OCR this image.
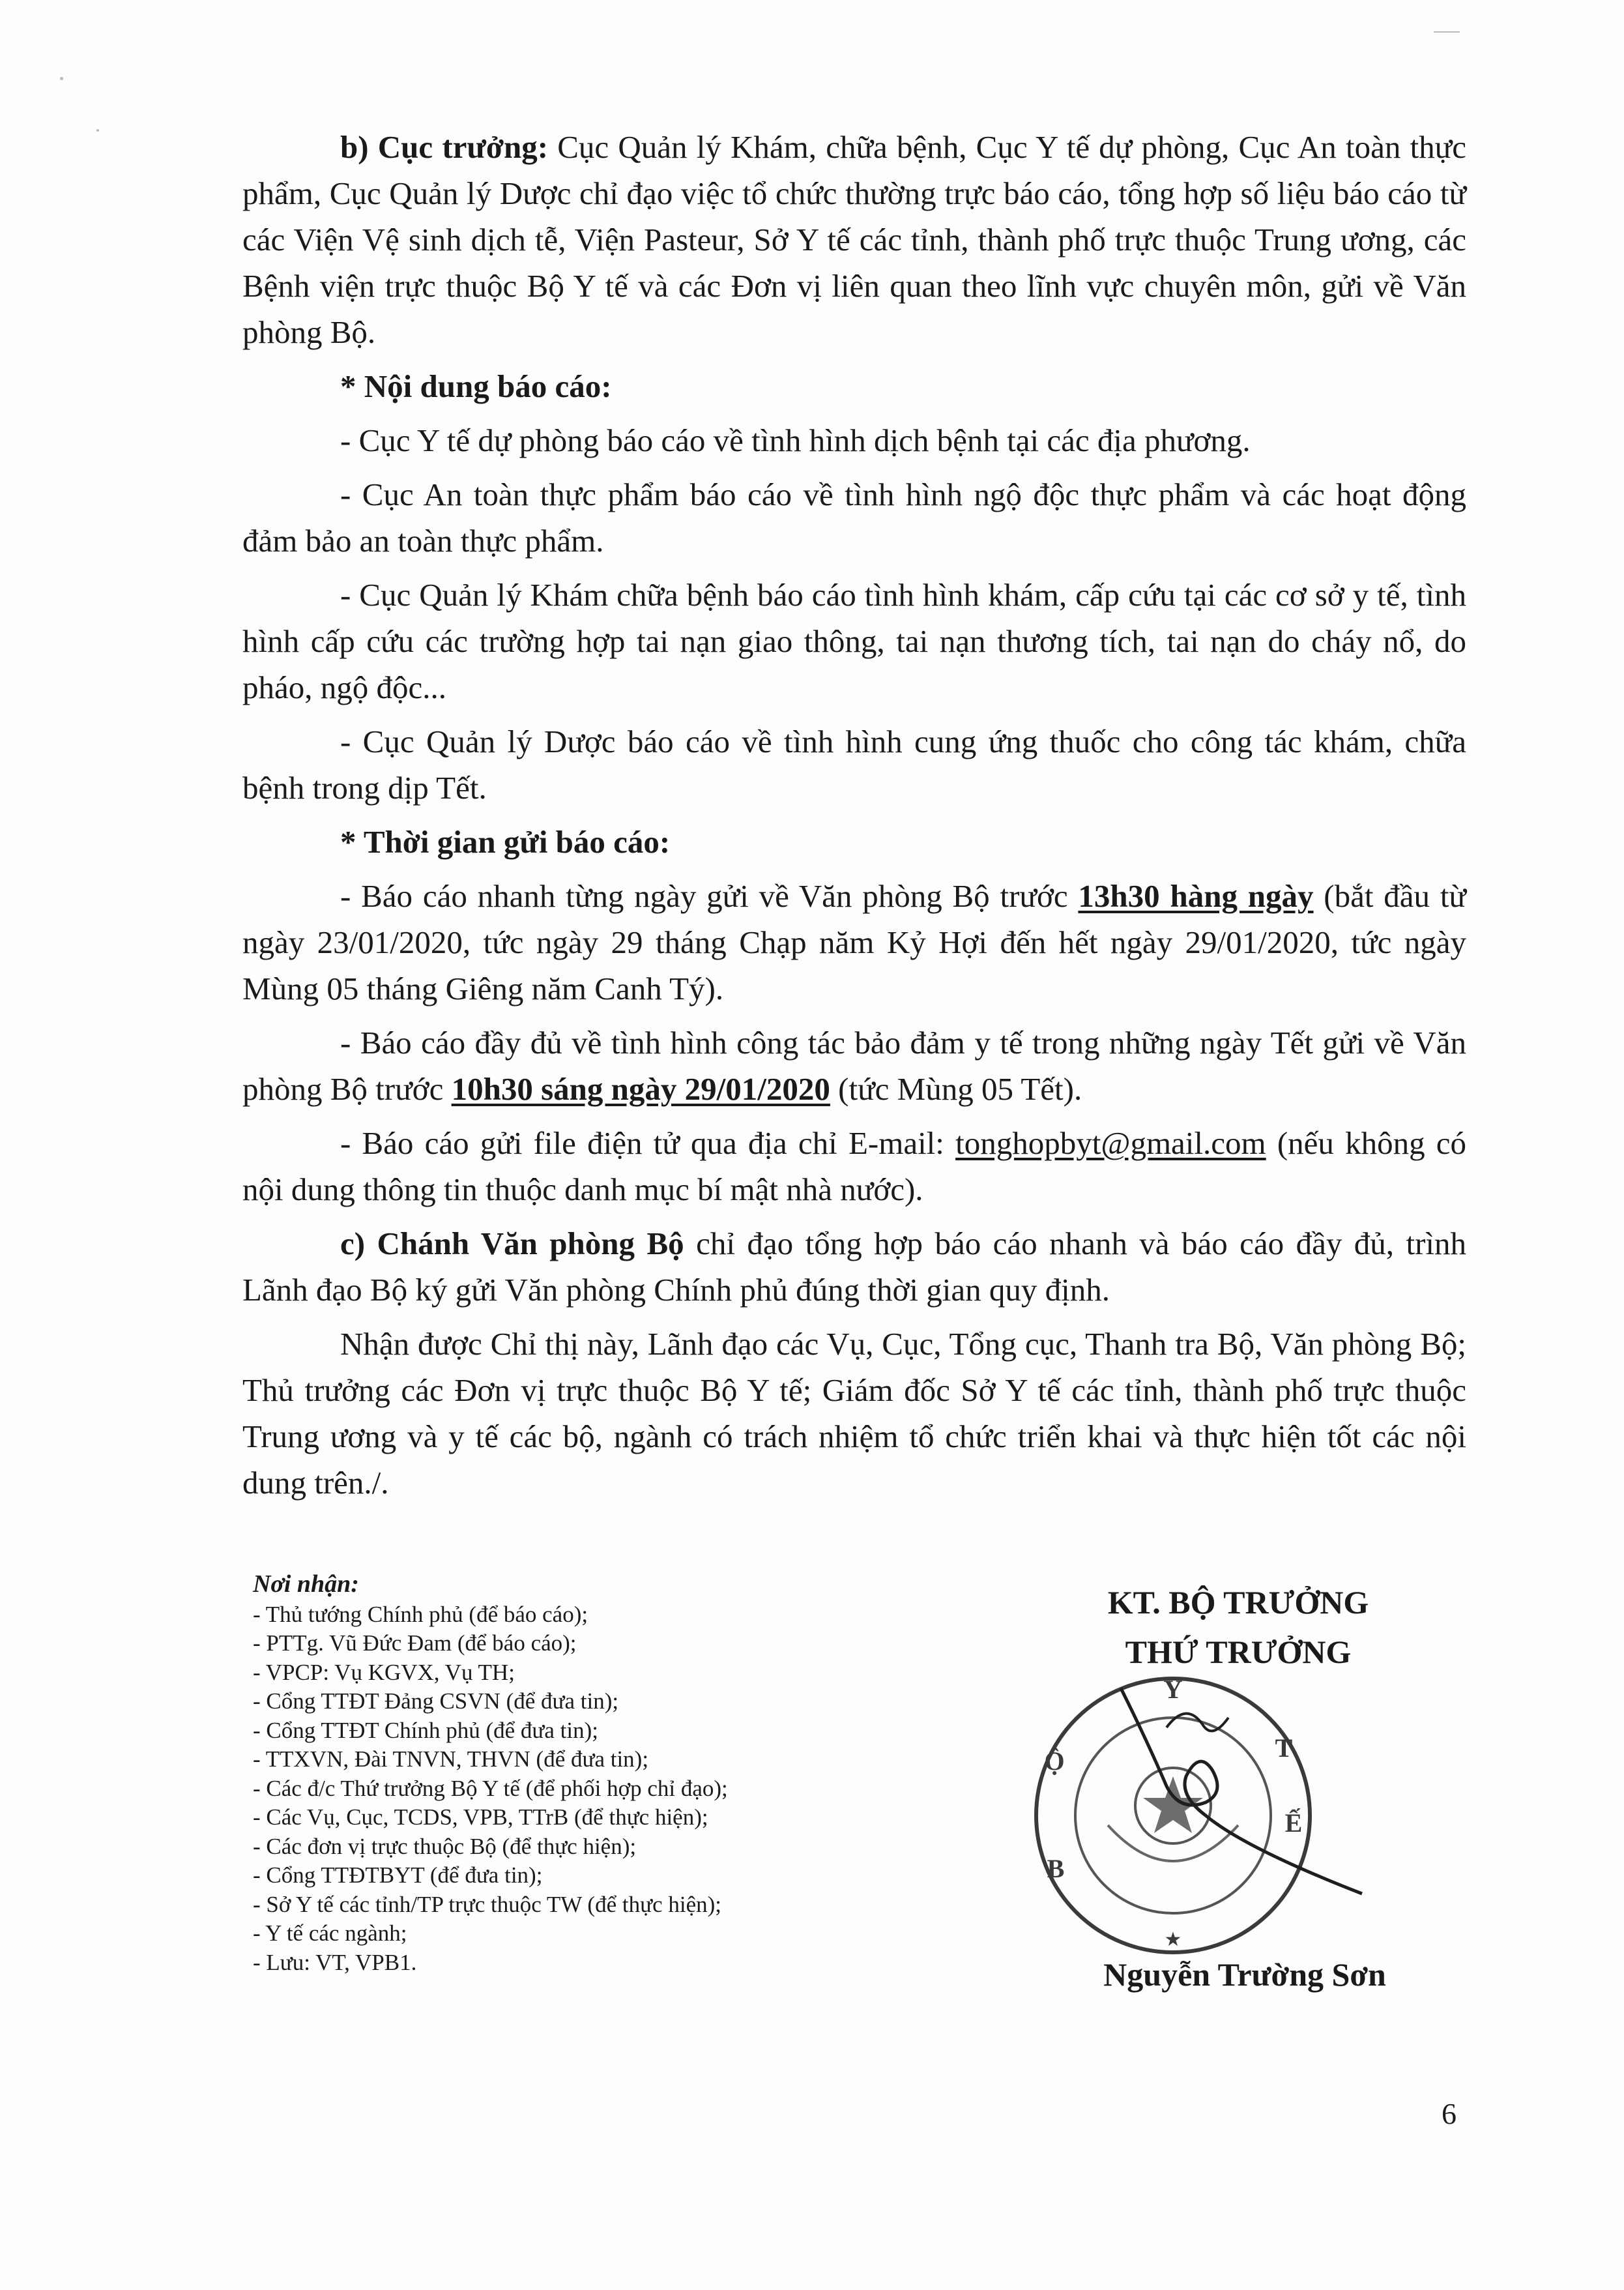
b) Cục trưởng: Cục Quản lý Khám, chữa bệnh, Cục Y tế dự phòng, Cục An toàn thực phẩm, Cục Quản lý Dược chỉ đạo việc tổ chức thường trực báo cáo, tổng hợp số liệu báo cáo từ các Viện Vệ sinh dịch tễ, Viện Pasteur, Sở Y tế các tỉnh, thành phố trực thuộc Trung ương, các Bệnh viện trực thuộc Bộ Y tế và các Đơn vị liên quan theo lĩnh vực chuyên môn, gửi về Văn phòng Bộ.

* Nội dung báo cáo:

- Cục Y tế dự phòng báo cáo về tình hình dịch bệnh tại các địa phương.

- Cục An toàn thực phẩm báo cáo về tình hình ngộ độc thực phẩm và các hoạt động đảm bảo an toàn thực phẩm.

- Cục Quản lý Khám chữa bệnh báo cáo tình hình khám, cấp cứu tại các cơ sở y tế, tình hình cấp cứu các trường hợp tai nạn giao thông, tai nạn thương tích, tai nạn do cháy nổ, do pháo, ngộ độc...

- Cục Quản lý Dược báo cáo về tình hình cung ứng thuốc cho công tác khám, chữa bệnh trong dịp Tết.

* Thời gian gửi báo cáo:

- Báo cáo nhanh từng ngày gửi về Văn phòng Bộ trước 13h30 hàng ngày (bắt đầu từ ngày 23/01/2020, tức ngày 29 tháng Chạp năm Kỷ Hợi đến hết ngày 29/01/2020, tức ngày Mùng 05 tháng Giêng năm Canh Tý).

- Báo cáo đầy đủ về tình hình công tác bảo đảm y tế trong những ngày Tết gửi về Văn phòng Bộ trước 10h30 sáng ngày 29/01/2020 (tức Mùng 05 Tết).

- Báo cáo gửi file điện tử qua địa chỉ E-mail: tonghopbyt@gmail.com (nếu không có nội dung thông tin thuộc danh mục bí mật nhà nước).

c) Chánh Văn phòng Bộ chỉ đạo tổng hợp báo cáo nhanh và báo cáo đầy đủ, trình Lãnh đạo Bộ ký gửi Văn phòng Chính phủ đúng thời gian quy định.

Nhận được Chỉ thị này, Lãnh đạo các Vụ, Cục, Tổng cục, Thanh tra Bộ, Văn phòng Bộ; Thủ trưởng các Đơn vị trực thuộc Bộ Y tế; Giám đốc Sở Y tế các tỉnh, thành phố trực thuộc Trung ương và y tế các bộ, ngành có trách nhiệm tổ chức triển khai và thực hiện tốt các nội dung trên./.

Nơi nhận:
- Thủ tướng Chính phủ (để báo cáo);
- PTTg. Vũ Đức Đam (để báo cáo);
- VPCP: Vụ KGVX, Vụ TH;
- Cổng TTĐT Đảng CSVN (để đưa tin);
- Cổng TTĐT Chính phủ (để đưa tin);
- TTXVN, Đài TNVN, THVN (để đưa tin);
- Các đ/c Thứ trưởng Bộ Y tế (để phối hợp chỉ đạo);
- Các Vụ, Cục, TCDS, VPB, TTrB (để thực hiện);
- Các đơn vị trực thuộc Bộ (để thực hiện);
- Cổng TTĐTBYT (để đưa tin);
- Sở Y tế các tỉnh/TP trực thuộc TW (để thực hiện);
- Y tế các ngành;
- Lưu: VT, VPB1.
KT. BỘ TRƯỞNG
THỨ TRƯỞNG
Y
T
Ế
B
Ộ
★
Nguyễn Trường Sơn
6
